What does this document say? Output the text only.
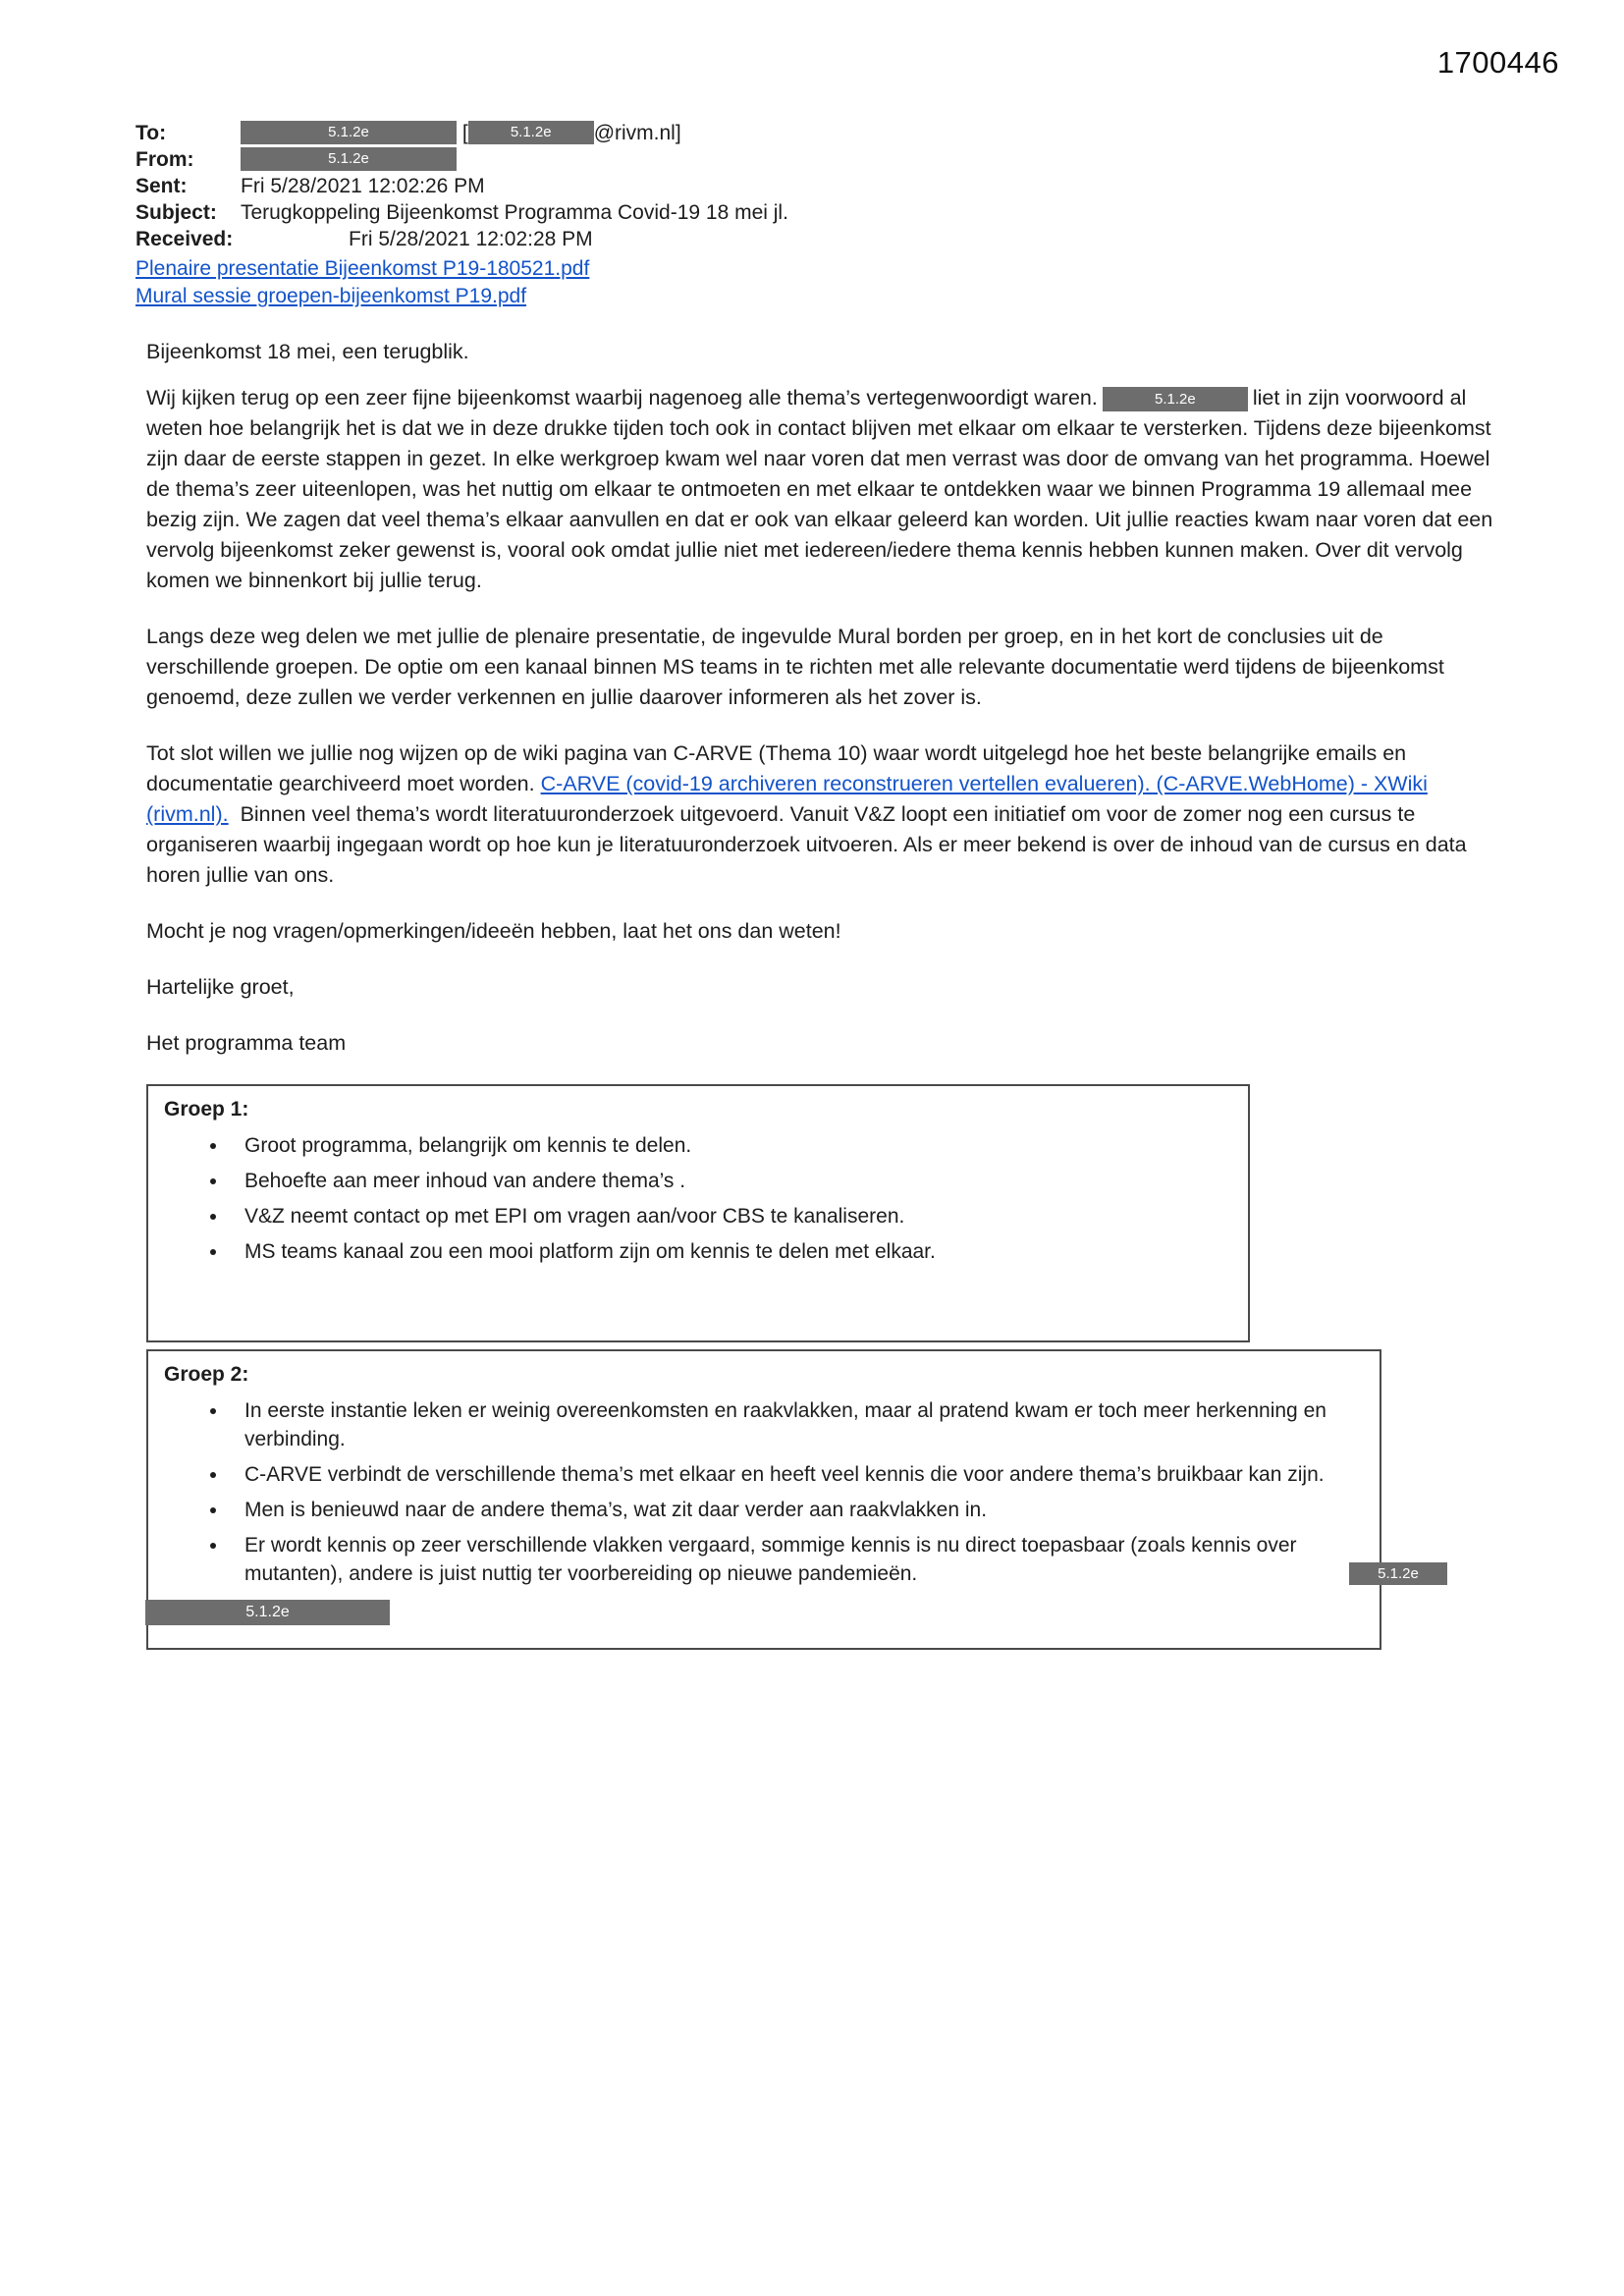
1700446
To:	5.1.2e	[	5.1.2e @rivm.nl]
From:	5.1.2e
Sent:	Fri 5/28/2021 12:02:26 PM
Subject: Terugkoppeling Bijeenkomst Programma Covid-19 18 mei jl.
Received:	Fri 5/28/2021 12:02:28 PM
Plenaire presentatie Bijeenkomst P19-180521.pdf
Mural sessie groepen-bijeenkomst P19.pdf

Bijeenkomst 18 mei, een terugblik.

Wij kijken terug op een zeer fijne bijeenkomst waarbij nagenoeg alle thema’s vertegenwoordigt waren.	5.1.2e	liet in zijn voorwoord al weten hoe belangrijk het is dat we in deze drukke tijden toch ook in contact blijven met elkaar om elkaar te versterken. Tijdens deze bijeenkomst zijn daar de eerste stappen in gezet. In elke werkgroep kwam wel naar voren dat men verrast was door de omvang van het programma. Hoewel de thema’s zeer uiteenlopen, was het nuttig om elkaar te ontmoeten en met elkaar te ontdekken waar we binnen Programma 19 allemaal mee bezig zijn. We zagen dat veel thema’s elkaar aanvullen en dat er ook van elkaar geleerd kan worden. Uit jullie reacties kwam naar voren dat een vervolg bijeenkomst zeker gewenst is, vooral ook omdat jullie niet met iedereen/iedere thema kennis hebben kunnen maken. Over dit vervolg komen we binnenkort bij jullie terug.

Langs deze weg delen we met jullie de plenaire presentatie, de ingevulde Mural borden per groep, en in het kort de conclusies uit de verschillende groepen. De optie om een kanaal binnen MS teams in te richten met alle relevante documentatie werd tijdens de bijeenkomst genoemd, deze zullen we verder verkennen en jullie daarover informeren als het zover is.

Tot slot willen we jullie nog wijzen op de wiki pagina van C-ARVE (Thema 10) waar wordt uitgelegd hoe het beste belangrijke emails en documentatie gearchiveerd moet worden. C-ARVE (covid-19 archiveren reconstrueren vertellen evalueren). (C-ARVE.WebHome) - XWiki (rivm.nl). Binnen veel thema’s wordt literatuuronderzoek uitgevoerd. Vanuit V&Z loopt een initiatief om voor de zomer nog een cursus te organiseren waarbij ingegaan wordt op hoe kun je literatuuronderzoek uitvoeren. Als er meer bekend is over de inhoud van de cursus en data horen jullie van ons.

Mocht je nog vragen/opmerkingen/ideeën hebben, laat het ons dan weten!

Hartelijke groet,

Het programma team

Groep 1:
• Groot programma, belangrijk om kennis te delen.
• Behoefte aan meer inhoud van andere thema’s .
• V&Z neemt contact op met EPI om vragen aan/voor CBS te kanaliseren.
• MS teams kanaal zou een mooi platform zijn om kennis te delen met elkaar.
Groep 2:
• In eerste instantie leken er weinig overeenkomsten en raakvlakken, maar al pratend kwam er toch meer herkenning en verbinding.
• C-ARVE verbindt de verschillende thema’s met elkaar en heeft veel kennis die voor andere thema’s bruikbaar kan zijn.
• Men is benieuwd naar de andere thema’s, wat zit daar verder aan raakvlakken in.
• Er wordt kennis op zeer verschillende vlakken vergaard, sommige kennis is nu direct toepasbaar (zoals kennis over mutanten), andere is juist nuttig ter voorbereiding op nieuwe pandemieën.	5.1.2e
5.1.2e
